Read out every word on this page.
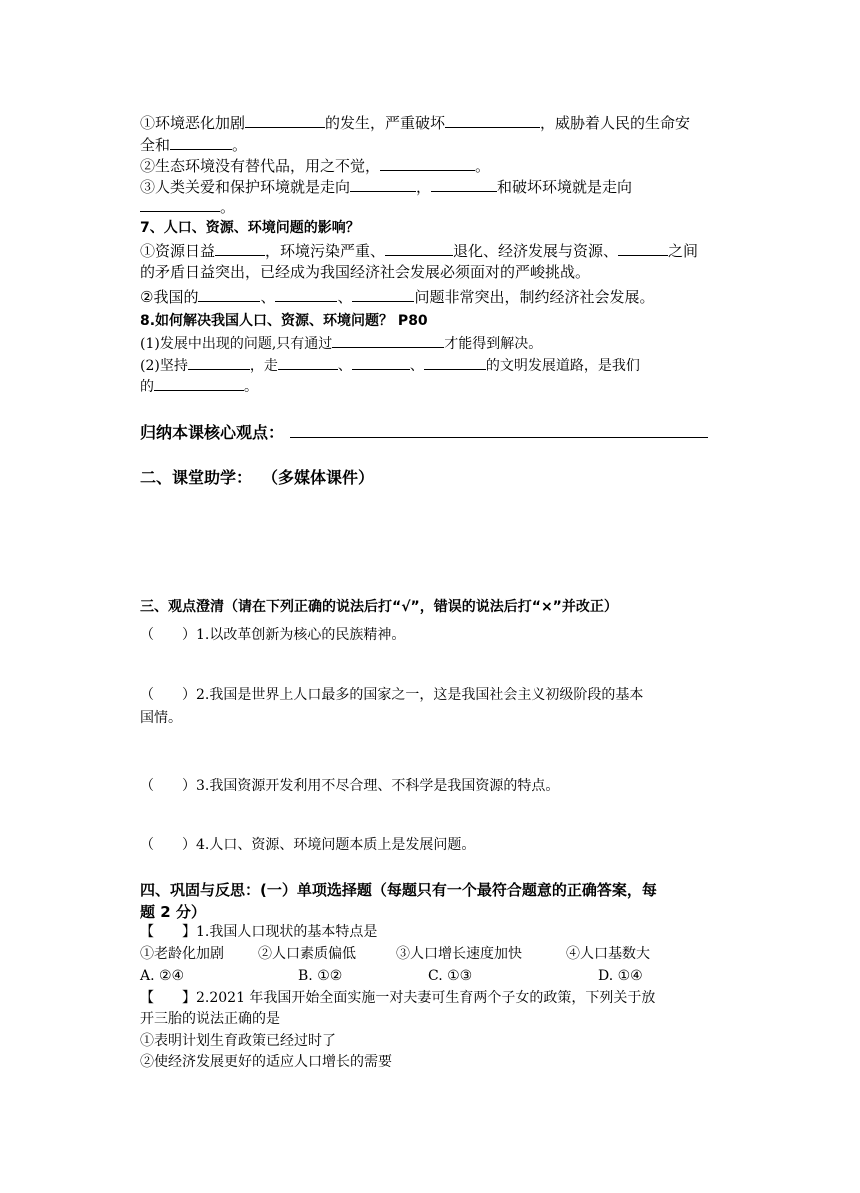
①环境恶化加剧	的发生，严重破坏	，威胁着人民的生命安
全和	。
②生态环境没有替代品，用之不觉，	。
③人类关爱和保护环境就是走向	，	和破坏环境就是走向
。
7、人口、资源、环境问题的影响？
①资源日益	，环境污染严重、	退化、经济发展与资源、	之间
的矛盾日益突出，已经成为我国经济社会发展必须面对的严峻挑战。
②我国的	、	、	问题非常突出，制约经济社会发展。
8.如何解决我国人口、资源、环境问题？ P80
(1)发展中出现的问题,只有通过	才能得到解决。
(2)坚持	，走	、	、	的文明发展道路，是我们
的	。
归纳本课核心观点：
二、课堂助学： （多媒体课件）
三、观点澄清（请在下列正确的说法后打“√”，错误的说法后打“×”并改正）
（　　）1.以改革创新为核心的民族精神。
（　　）2.我国是世界上人口最多的国家之一，这是我国社会主义初级阶段的基本
国情。
（　　）3.我国资源开发利用不尽合理、不科学是我国资源的特点。
（　　）4.人口、资源、环境问题本质上是发展问题。
四、巩固与反思：(一）单项选择题（每题只有一个最符合题意的正确答案，每
题 2 分）
【　　】1.我国人口现状的基本特点是
①老龄化加剧 ②人口素质偏低	③人口增长速度加快	④人口基数大
A. ②④	B. ①②	C. ①③	D. ①④
【　　】2.2021 年我国开始全面实施一对夫妻可生育两个子女的政策，下列关于放
开三胎的说法正确的是
①表明计划生育政策已经过时了
②使经济发展更好的适应人口增长的需要
